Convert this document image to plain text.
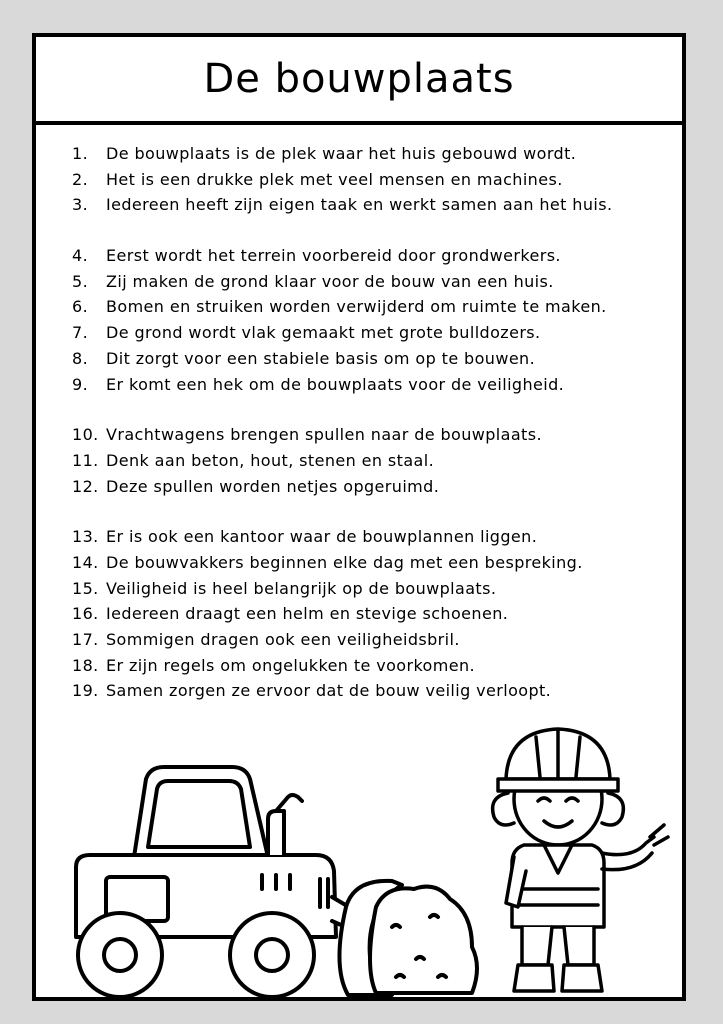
De bouwplaats
1. De bouwplaats is de plek waar het huis gebouwd wordt.
2. Het is een drukke plek met veel mensen en machines.
3. Iedereen heeft zijn eigen taak en werkt samen aan het huis.
4. Eerst wordt het terrein voorbereid door grondwerkers.
5. Zij maken de grond klaar voor de bouw van een huis.
6. Bomen en struiken worden verwijderd om ruimte te maken.
7. De grond wordt vlak gemaakt met grote bulldozers.
8. Dit zorgt voor een stabiele basis om op te bouwen.
9. Er komt een hek om de bouwplaats voor de veiligheid.
10. Vrachtwagens brengen spullen naar de bouwplaats.
11. Denk aan beton, hout, stenen en staal.
12. Deze spullen worden netjes opgeruimd.
13. Er is ook een kantoor waar de bouwplannen liggen.
14. De bouwvakkers beginnen elke dag met een bespreking.
15. Veiligheid is heel belangrijk op de bouwplaats.
16. Iedereen draagt een helm en stevige schoenen.
17. Sommigen dragen ook een veiligheidsbril.
18. Er zijn regels om ongelukken te voorkomen.
19. Samen zorgen ze ervoor dat de bouw veilig verloopt.
